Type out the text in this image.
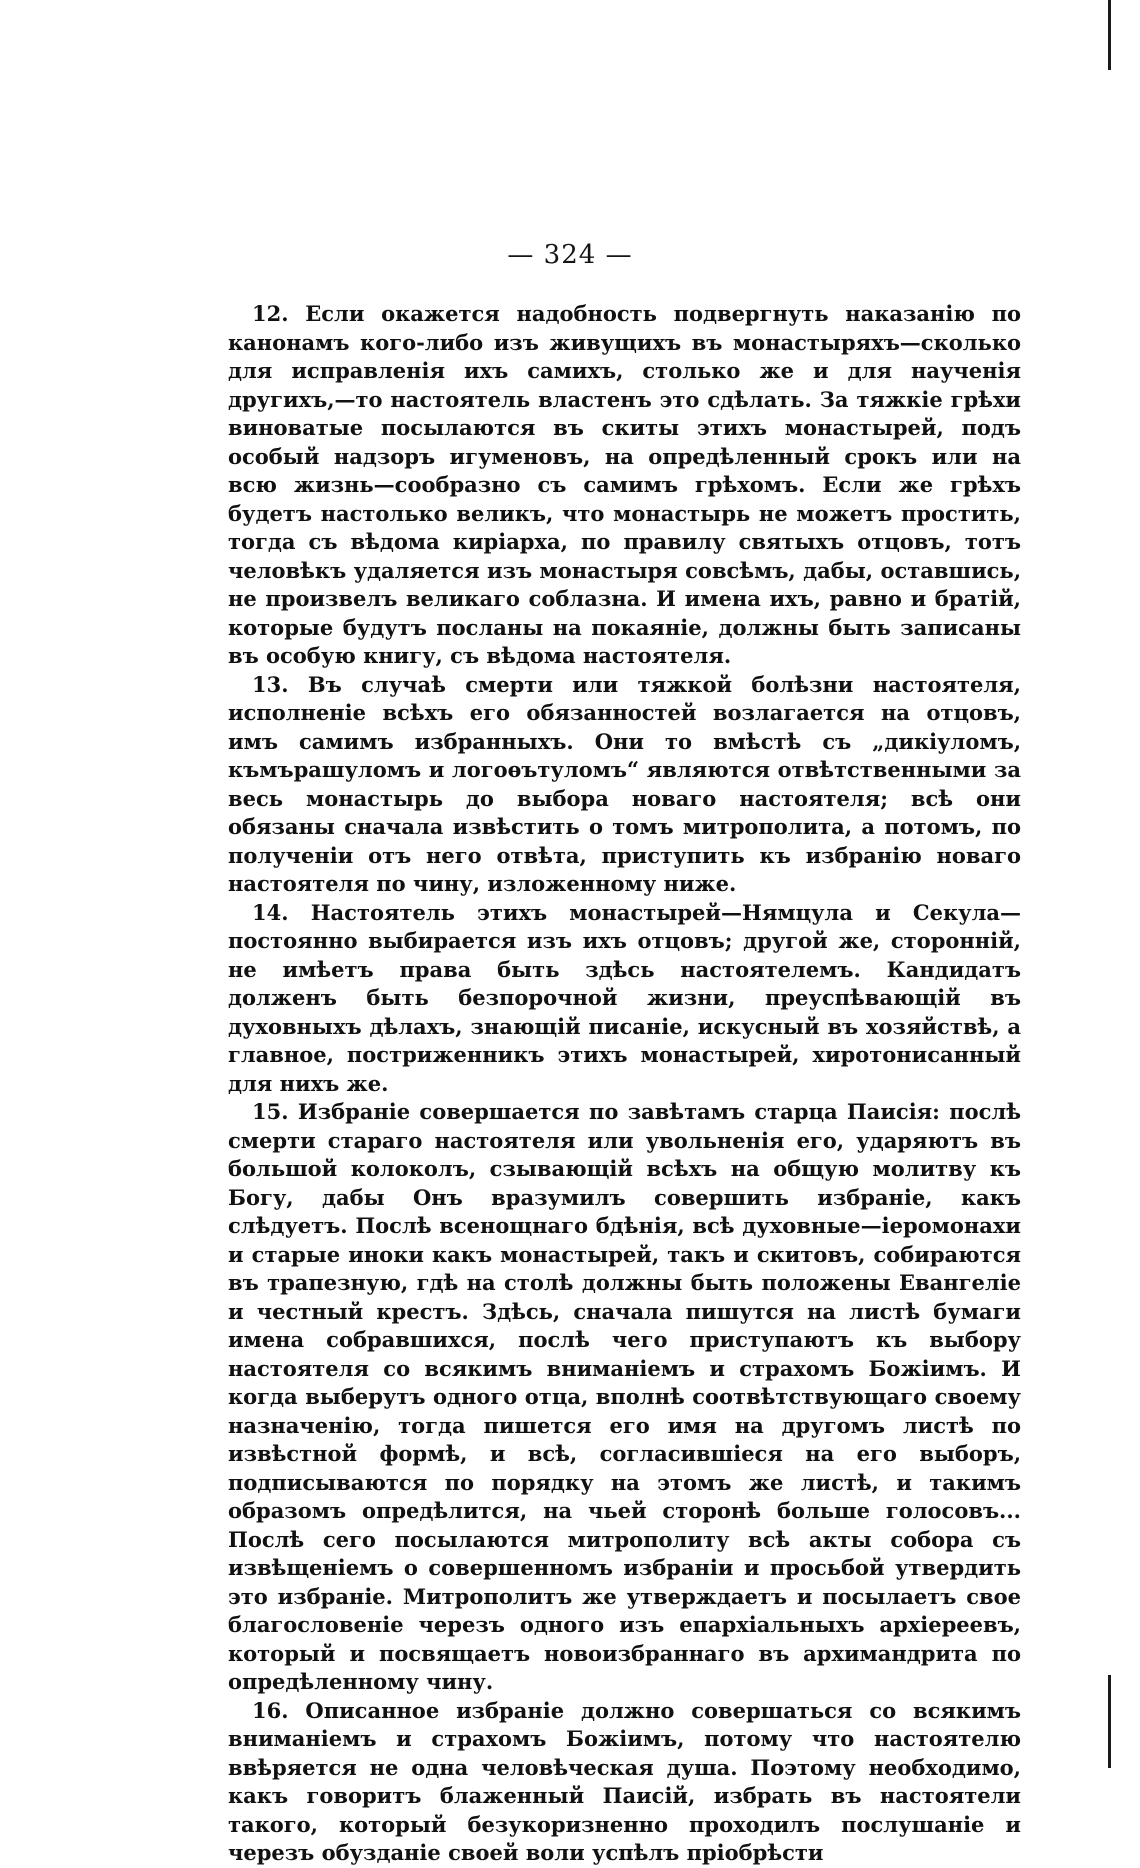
— 324 —

12. Если окажется надобность подвергнуть наказанію по канонамъ кого-либо изъ живущихъ въ монастыряхъ—сколько для исправленія ихъ самихъ, столько же и для наученія другихъ,—то настоятель властенъ это сдѣлать. За тяжкіе грѣхи виноватые посылаются въ скиты этихъ монастырей, подъ особый надзоръ игуменовъ, на опредѣленный срокъ или на всю жизнь—сообразно съ самимъ грѣхомъ. Если же грѣхъ будетъ настолько великъ, что монастырь не можетъ простить, тогда съ вѣдома киріарха, по правилу святыхъ отцовъ, тотъ человѣкъ удаляется изъ монастыря совсѣмъ, дабы, оставшись, не произвелъ великаго соблазна. И имена ихъ, равно и братій, которые будутъ посланы на покаяніе, должны быть записаны въ особую книгу, съ вѣдома настоятеля.

13. Въ случаѣ смерти или тяжкой болѣзни настоятеля, исполненіе всѣхъ его обязанностей возлагается на отцовъ, имъ самимъ избранныхъ. Они то вмѣстѣ съ „дикіуломъ, къмърашуломъ и логоѳътуломъ“ являются отвѣтственными за весь монастырь до выбора новаго настоятеля; всѣ они обязаны сначала извѣстить о томъ митрополита, а потомъ, по полученіи отъ него отвѣта, приступить къ избранію новаго настоятеля по чину, изложенному ниже.

14. Настоятель этихъ монастырей—Нямцула и Секула—постоянно выбирается изъ ихъ отцовъ; другой же, сторонній, не имѣетъ права быть здѣсь настоятелемъ. Кандидатъ долженъ быть безпорочной жизни, преуспѣвающій въ духовныхъ дѣлахъ, знающій писаніе, искусный въ хозяйствѣ, а главное, постриженникъ этихъ монастырей, хиротонисанный для нихъ же.

15. Избраніе совершается по завѣтамъ старца Паисія: послѣ смерти стараго настоятеля или увольненія его, ударяютъ въ большой колоколъ, сзывающій всѣхъ на общую молитву къ Богу, дабы Онъ вразумилъ совершить избраніе, какъ слѣдуетъ. Послѣ всенощнаго бдѣнія, всѣ духовные—іеромонахи и старые иноки какъ монастырей, такъ и скитовъ, собираются въ трапезную, гдѣ на столѣ должны быть положены Евангеліе и честный крестъ. Здѣсь, сначала пишутся на листѣ бумаги имена собравшихся, послѣ чего приступаютъ къ выбору настоятеля со всякимъ вниманіемъ и страхомъ Божіимъ. И когда выберутъ одного отца, вполнѣ соотвѣтствующаго своему назначенію, тогда пишется его имя на другомъ листѣ по извѣстной формѣ, и всѣ, согласившіеся на его выборъ, подписываются по порядку на этомъ же листѣ, и такимъ образомъ опредѣлится, на чьей сторонѣ больше голосовъ... Послѣ сего посылаются митрополиту всѣ акты собора съ извѣщеніемъ о совершенномъ избраніи и просьбой утвердить это избраніе. Митрополитъ же утверждаетъ и посылаетъ свое благословеніе черезъ одного изъ епархіальныхъ архіереевъ, который и посвящаетъ новоизбраннаго въ архимандрита по опредѣленному чину.

16. Описанное избраніе должно совершаться со всякимъ вниманіемъ и страхомъ Божіимъ, потому что настоятелю ввѣряется не одна человѣческая душа. Поэтому необходимо, какъ говоритъ блаженный Паисій, избрать въ настоятели такого, который безукоризненно проходилъ послушаніе и черезъ обузданіе своей воли успѣлъ пріобрѣсти
